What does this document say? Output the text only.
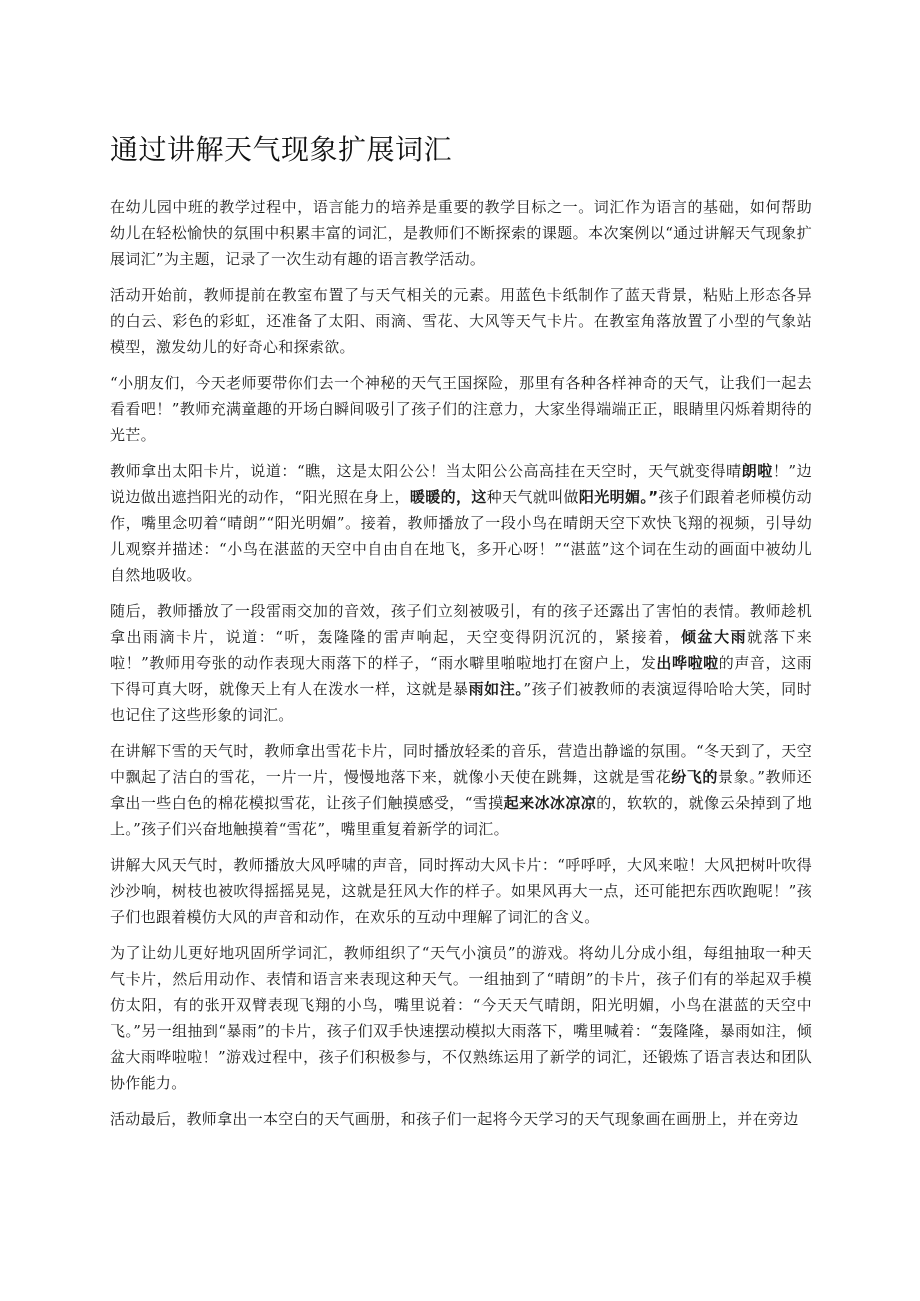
通过讲解天气现象扩展词汇

在幼儿园中班的教学过程中，语言能力的培养是重要的教学目标之一。词汇作为语言的基础，如何帮助幼儿在轻松愉快的氛围中积累丰富的词汇，是教师们不断探索的课题。本次案例以“通过讲解天气现象扩展词汇”为主题，记录了一次生动有趣的语言教学活动。

活动开始前，教师提前在教室布置了与天气相关的元素。用蓝色卡纸制作了蓝天背景，粘贴上形态各异的白云、彩色的彩虹，还准备了太阳、雨滴、雪花、大风等天气卡片。在教室角落放置了小型的气象站模型，激发幼儿的好奇心和探索欲。

“小朋友们，今天老师要带你们去一个神秘的天气王国探险，那里有各种各样神奇的天气，让我们一起去看看吧！”教师充满童趣的开场白瞬间吸引了孩子们的注意力，大家坐得端端正正，眼睛里闪烁着期待的光芒。

教师拿出太阳卡片，说道：“瞧，这是太阳公公！当太阳公公高高挂在天空时，天气就变得晴朗啦！”边说边做出遮挡阳光的动作，“阳光照在身上，暖暖的，这种天气就叫做阳光明媚。”孩子们跟着老师模仿动作，嘴里念叨着“晴朗”“阳光明媚”。接着，教师播放了一段小鸟在晴朗天空下欢快飞翔的视频，引导幼儿观察并描述：“小鸟在湛蓝的天空中自由自在地飞，多开心呀！”“湛蓝”这个词在生动的画面中被幼儿自然地吸收。

随后，教师播放了一段雷雨交加的音效，孩子们立刻被吸引，有的孩子还露出了害怕的表情。教师趁机拿出雨滴卡片，说道：“听，轰隆隆的雷声响起，天空变得阴沉沉的，紧接着，倾盆大雨就落下来啦！”教师用夸张的动作表现大雨落下的样子，“雨水噼里啪啦地打在窗户上，发出哗啦啦的声音，这雨下得可真大呀，就像天上有人在泼水一样，这就是暴雨如注。”孩子们被教师的表演逗得哈哈大笑，同时也记住了这些形象的词汇。

在讲解下雪的天气时，教师拿出雪花卡片，同时播放轻柔的音乐，营造出静谧的氛围。“冬天到了，天空中飘起了洁白的雪花，一片一片，慢慢地落下来，就像小天使在跳舞，这就是雪花纷飞的景象。”教师还拿出一些白色的棉花模拟雪花，让孩子们触摸感受，“雪摸起来冰冰凉凉的，软软的，就像云朵掉到了地上。”孩子们兴奋地触摸着“雪花”，嘴里重复着新学的词汇。

讲解大风天气时，教师播放大风呼啸的声音，同时挥动大风卡片：“呼呼呼，大风来啦！大风把树叶吹得沙沙响，树枝也被吹得摇摇晃晃，这就是狂风大作的样子。如果风再大一点，还可能把东西吹跑呢！”孩子们也跟着模仿大风的声音和动作，在欢乐的互动中理解了词汇的含义。

为了让幼儿更好地巩固所学词汇，教师组织了“天气小演员”的游戏。将幼儿分成小组，每组抽取一种天气卡片，然后用动作、表情和语言来表现这种天气。一组抽到了“晴朗”的卡片，孩子们有的举起双手模仿太阳，有的张开双臂表现飞翔的小鸟，嘴里说着：“今天天气晴朗，阳光明媚，小鸟在湛蓝的天空中飞。”另一组抽到“暴雨”的卡片，孩子们双手快速摆动模拟大雨落下，嘴里喊着：“轰隆隆，暴雨如注，倾盆大雨哗啦啦！”游戏过程中，孩子们积极参与，不仅熟练运用了新学的词汇，还锻炼了语言表达和团队协作能力。

活动最后，教师拿出一本空白的天气画册，和孩子们一起将今天学习的天气现象画在画册上，并在旁边
